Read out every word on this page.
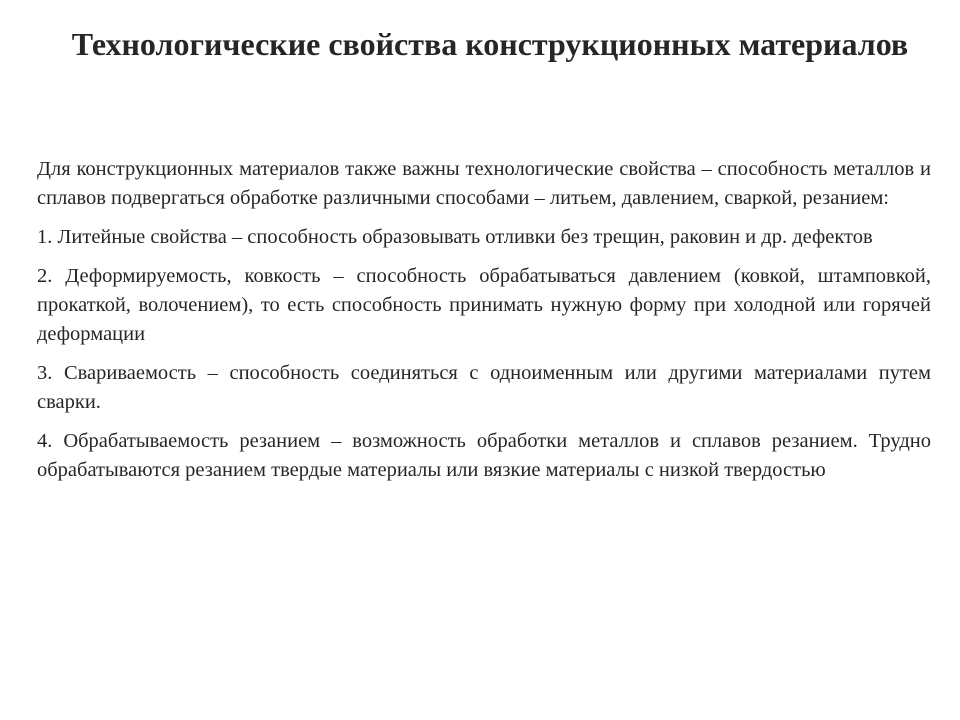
Технологические свойства конструкционных материалов

Для конструкционных материалов также важны технологические свойства – способность металлов и сплавов подвергаться обработке различными способами – литьем, давлением, сваркой, резанием:

1. Литейные свойства – способность образовывать отливки без трещин, раковин и др. дефектов

2. Деформируемость, ковкость – способность обрабатываться давлением (ковкой, штамповкой, прокаткой, волочением), то есть способность принимать нужную форму при холодной или горячей деформации

3. Свариваемость – способность соединяться с одноименным или другими материалами путем сварки.

4. Обрабатываемость резанием – возможность обработки металлов и сплавов резанием. Трудно обрабатываются резанием твердые материалы или вязкие материалы с низкой твердостью
